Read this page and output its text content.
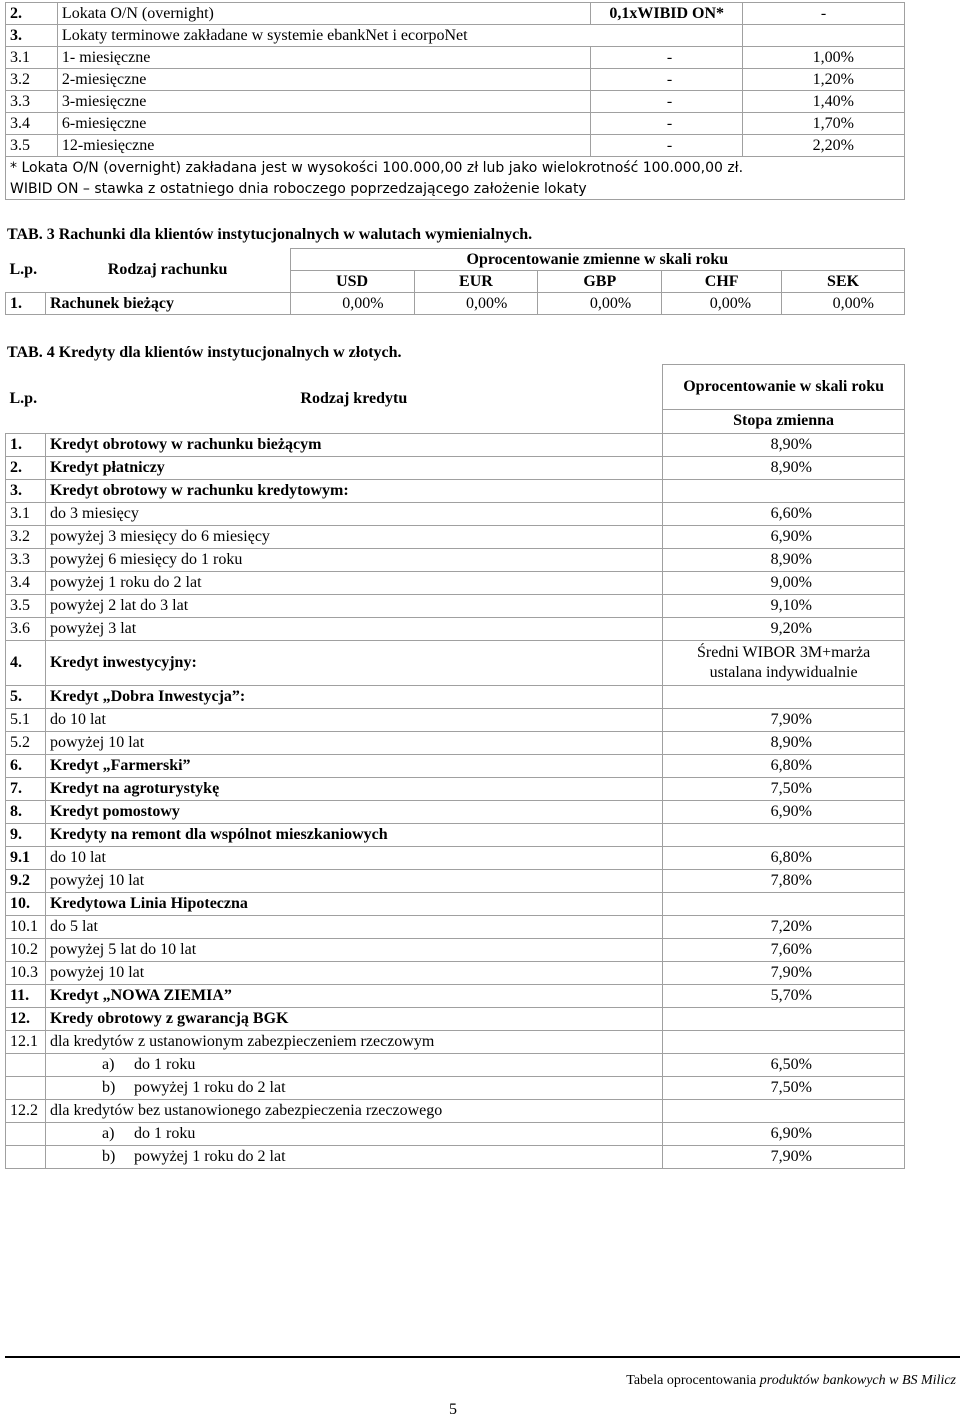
2.	Lokata O/N (overnight)	0,1xWIBID ON*	-
3.	Lokaty terminowe zakładane w systemie ebankNet i ecorpoNet		
3.1	1- miesięczne	-	1,00%
3.2	2-miesięczne	-	1,20%
3.3	3-miesięczne	-	1,40%
3.4	6-miesięczne	-	1,70%
3.5	12-miesięczne	-	2,20%
* Lokata O/N (overnight) zakładana jest w wysokości 100.000,00 zł lub jako wielokrotność 100.000,00 zł.			
WIBID ON – stawka z ostatniego dnia roboczego poprzedzającego założenie lokaty			
TAB. 3 Rachunki dla klientów instytucjonalnych w walutach wymienialnych.
L.p.	Rodzaj rachunku	Oprocentowanie zmienne w skali roku				
		USD	EUR	GBP	CHF	SEK
1.	Rachunek bieżący	0,00%	0,00%	0,00%	0,00%	0,00%
TAB. 4 Kredyty dla klientów instytucjonalnych w złotych.
L.p.	Rodzaj kredytu	Oprocentowanie w skali roku
		Stopa zmienna
1.	Kredyt obrotowy w rachunku bieżącym	8,90%
2.	Kredyt płatniczy	8,90%
3.	Kredyt obrotowy w rachunku kredytowym:	
3.1	do 3 miesięcy	6,60%
3.2	powyżej 3 miesięcy do 6 miesięcy	6,90%
3.3	powyżej 6 miesięcy do 1 roku	8,90%
3.4	powyżej 1 roku do 2 lat	9,00%
3.5	powyżej 2 lat do 3 lat	9,10%
3.6	powyżej 3 lat	9,20%
4.	Kredyt inwestycyjny:	Średni WIBOR 3M+marża
ustalana indywidualnie

5.	Kredyt „Dobra Inwestycja”:	
5.1	do 10 lat	7,90%
5.2	powyżej 10 lat	8,90%
6.	Kredyt „Farmerski”	6,80%
7.	Kredyt na agroturystykę	7,50%
8.	Kredyt pomostowy	6,90%
9.	Kredyty na remont dla wspólnot mieszkaniowych	
9.1	do 10 lat	6,80%
9.2	powyżej 10 lat	7,80%
10.	Kredytowa Linia Hipoteczna	
10.1	do 5 lat	7,20%
10.2	powyżej 5 lat do 10 lat	7,60%
10.3	powyżej 10 lat	7,90%
11.	Kredyt „NOWA ZIEMIA”	5,70%
12.	Kredy obrotowy z gwarancją BGK	
12.1	dla kredytów z ustanowionym zabezpieczeniem rzeczowym	
	a) do 1 roku	6,50%
	b) powyżej 1 roku do 2 lat	7,50%
12.2	dla kredytów bez ustanowionego zabezpieczenia rzeczowego	
	a) do 1 roku	6,90%
	b) powyżej 1 roku do 2 lat	7,90%
Tabela oprocentowania produktów bankowych w BS Milicz
5
